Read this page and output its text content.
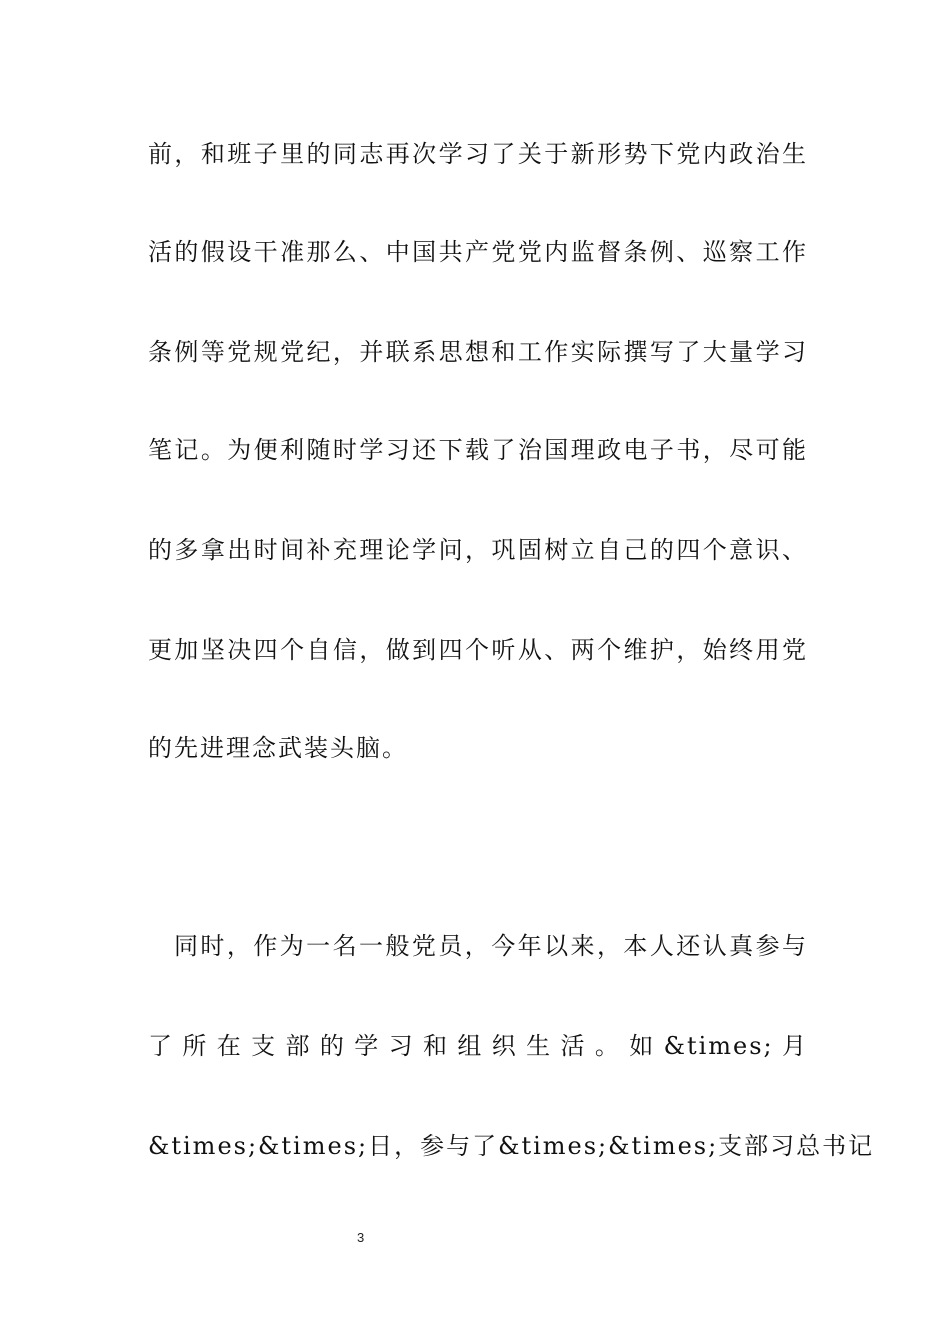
前，和班子里的同志再次学习了关于新形势下党内政治生
活的假设干准那么、中国共产党党内监督条例、巡察工作
条例等党规党纪，并联系思想和工作实际撰写了大量学习
笔记。为便利随时学习还下载了治国理政电子书，尽可能
的多拿出时间补充理论学问，巩固树立自己的四个意识、
更加坚决四个自信，做到四个听从、两个维护，始终用党
的先进理念武装头脑。
同时，作为一名一般党员，今年以来，本人还认真参与
了所在支部的学习和组织生活。如&times;月
&times;&times;日，参与了&times;&times;支部习总书记
3
